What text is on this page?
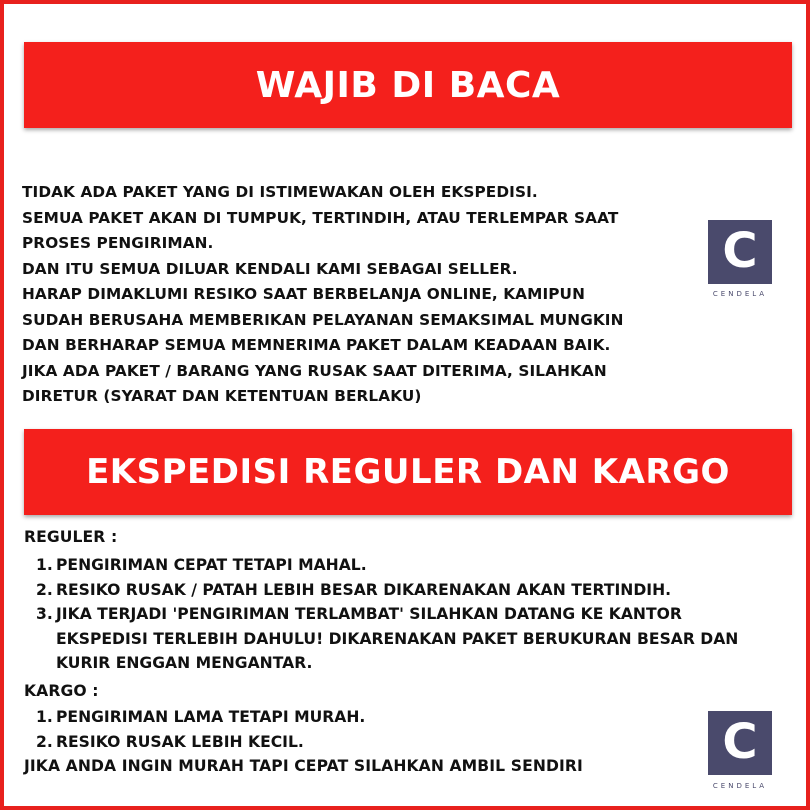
WAJIB DI BACA

TIDAK ADA PAKET YANG DI ISTIMEWAKAN OLEH EKSPEDISI.

SEMUA PAKET AKAN DI TUMPUK, TERTINDIH, ATAU TERLEMPAR SAAT

PROSES PENGIRIMAN.

DAN ITU SEMUA DILUAR KENDALI KAMI SEBAGAI SELLER.

HARAP DIMAKLUMI RESIKO SAAT BERBELANJA ONLINE, KAMIPUN

SUDAH BERUSAHA MEMBERIKAN PELAYANAN SEMAKSIMAL MUNGKIN

DAN BERHARAP SEMUA MEMNERIMA PAKET DALAM KEADAAN BAIK.

JIKA ADA PAKET / BARANG YANG RUSAK SAAT DITERIMA, SILAHKAN

DIRETUR (SYARAT DAN KETENTUAN BERLAKU)

C
CENDELA
EKSPEDISI REGULER DAN KARGO
REGULER :
1. PENGIRIMAN CEPAT TETAPI MAHAL.
2. RESIKO RUSAK / PATAH LEBIH BESAR DIKARENAKAN AKAN TERTINDIH.
3. JIKA TERJADI 'PENGIRIMAN TERLAMBAT' SILAHKAN DATANG KE KANTOR EKSPEDISI TERLEBIH DAHULU! DIKARENAKAN PAKET BERUKURAN BESAR DAN KURIR ENGGAN MENGANTAR.
KARGO :
1. PENGIRIMAN LAMA TETAPI MURAH.
2. RESIKO RUSAK LEBIH KECIL.
JIKA ANDA INGIN MURAH TAPI CEPAT SILAHKAN AMBIL SENDIRI	C
CENDELA
